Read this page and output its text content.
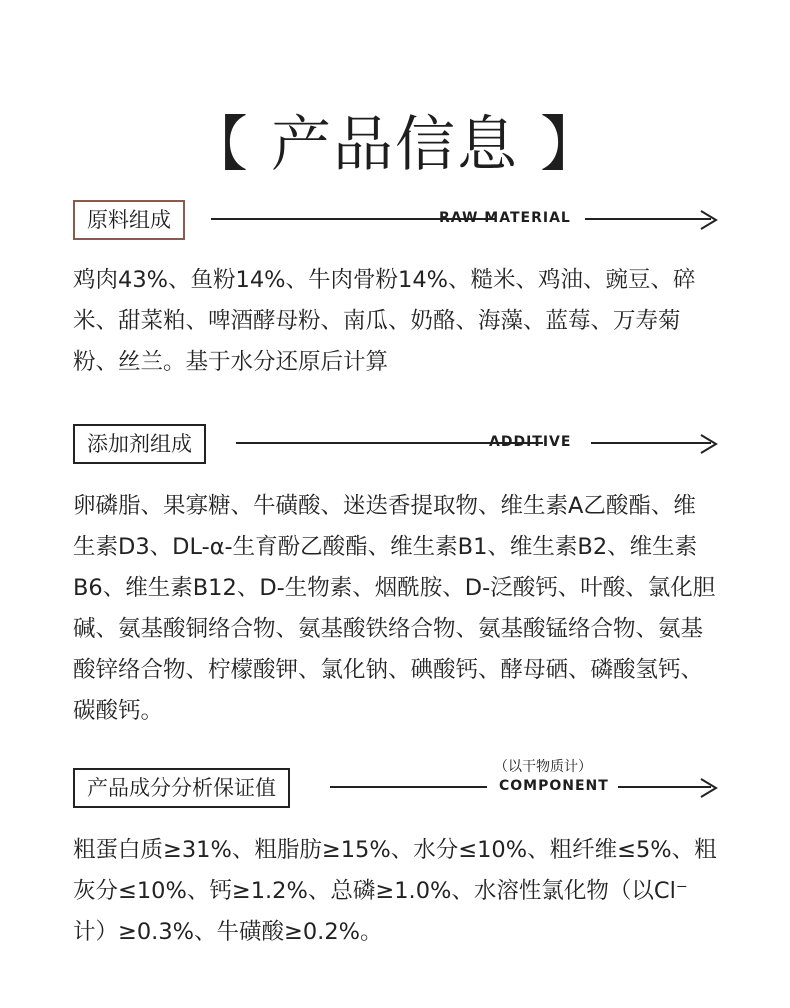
【 产品信息 】
原料组成	RAW MATERIAL

鸡肉43%、鱼粉14%、牛肉骨粉14%、糙米、鸡油、豌豆、碎米、甜菜粕、啤酒酵母粉、南瓜、奶酪、海藻、蓝莓、万寿菊粉、丝兰。基于水分还原后计算

添加剂组成	ADDITIVE

卵磷脂、果寡糖、牛磺酸、迷迭香提取物、维生素A乙酸酯、维生素D3、DL-α-生育酚乙酸酯、维生素B1、维生素B2、维生素B6、维生素B12、D-生物素、烟酰胺、D-泛酸钙、叶酸、氯化胆碱、氨基酸铜络合物、氨基酸铁络合物、氨基酸锰络合物、氨基酸锌络合物、柠檬酸钾、氯化钠、碘酸钙、酵母硒、磷酸氢钙、碳酸钙。

（以干物质计）
产品成分分析保证值	COMPONENT

粗蛋白质≥31%、粗脂肪≥15%、水分≤10%、粗纤维≤5%、粗灰分≤10%、钙≥1.2%、总磷≥1.0%、水溶性氯化物（以Cl⁻计）≥0.3%、牛磺酸≥0.2%。
